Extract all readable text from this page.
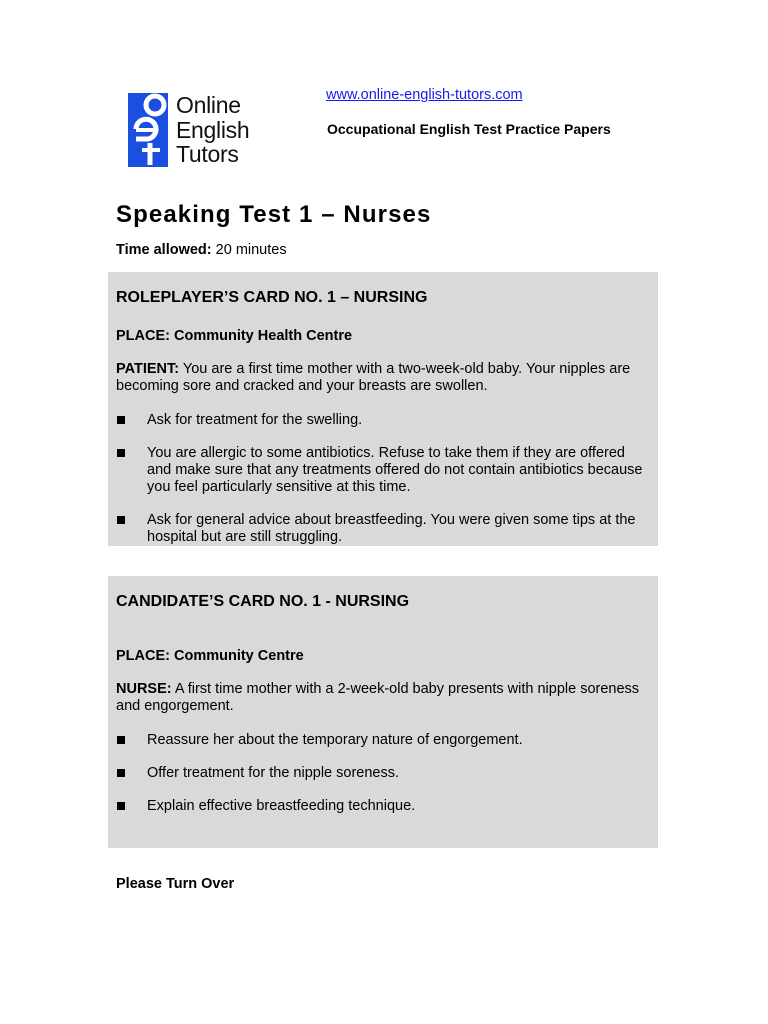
Online
English
Tutors
www.online-english-tutors.com
Occupational English Test Practice Papers
Speaking Test 1 – Nurses
Time allowed: 20 minutes
ROLEPLAYER’S CARD NO. 1 – NURSING
PLACE: Community Health Centre
PATIENT: You are a first time mother with a two-week-old baby. Your nipples are becoming sore and cracked and your breasts are swollen.
Ask for treatment for the swelling.
You are allergic to some antibiotics. Refuse to take them if they are offered and make sure that any treatments offered do not contain antibiotics because you feel particularly sensitive at this time.
Ask for general advice about breastfeeding. You were given some tips at the hospital but are still struggling.
CANDIDATE’S CARD NO. 1 - NURSING
PLACE: Community Centre
NURSE: A first time mother with a 2-week-old baby presents with nipple soreness and engorgement.
Reassure her about the temporary nature of engorgement.
Offer treatment for the nipple soreness.
Explain effective breastfeeding technique.
Please Turn Over
